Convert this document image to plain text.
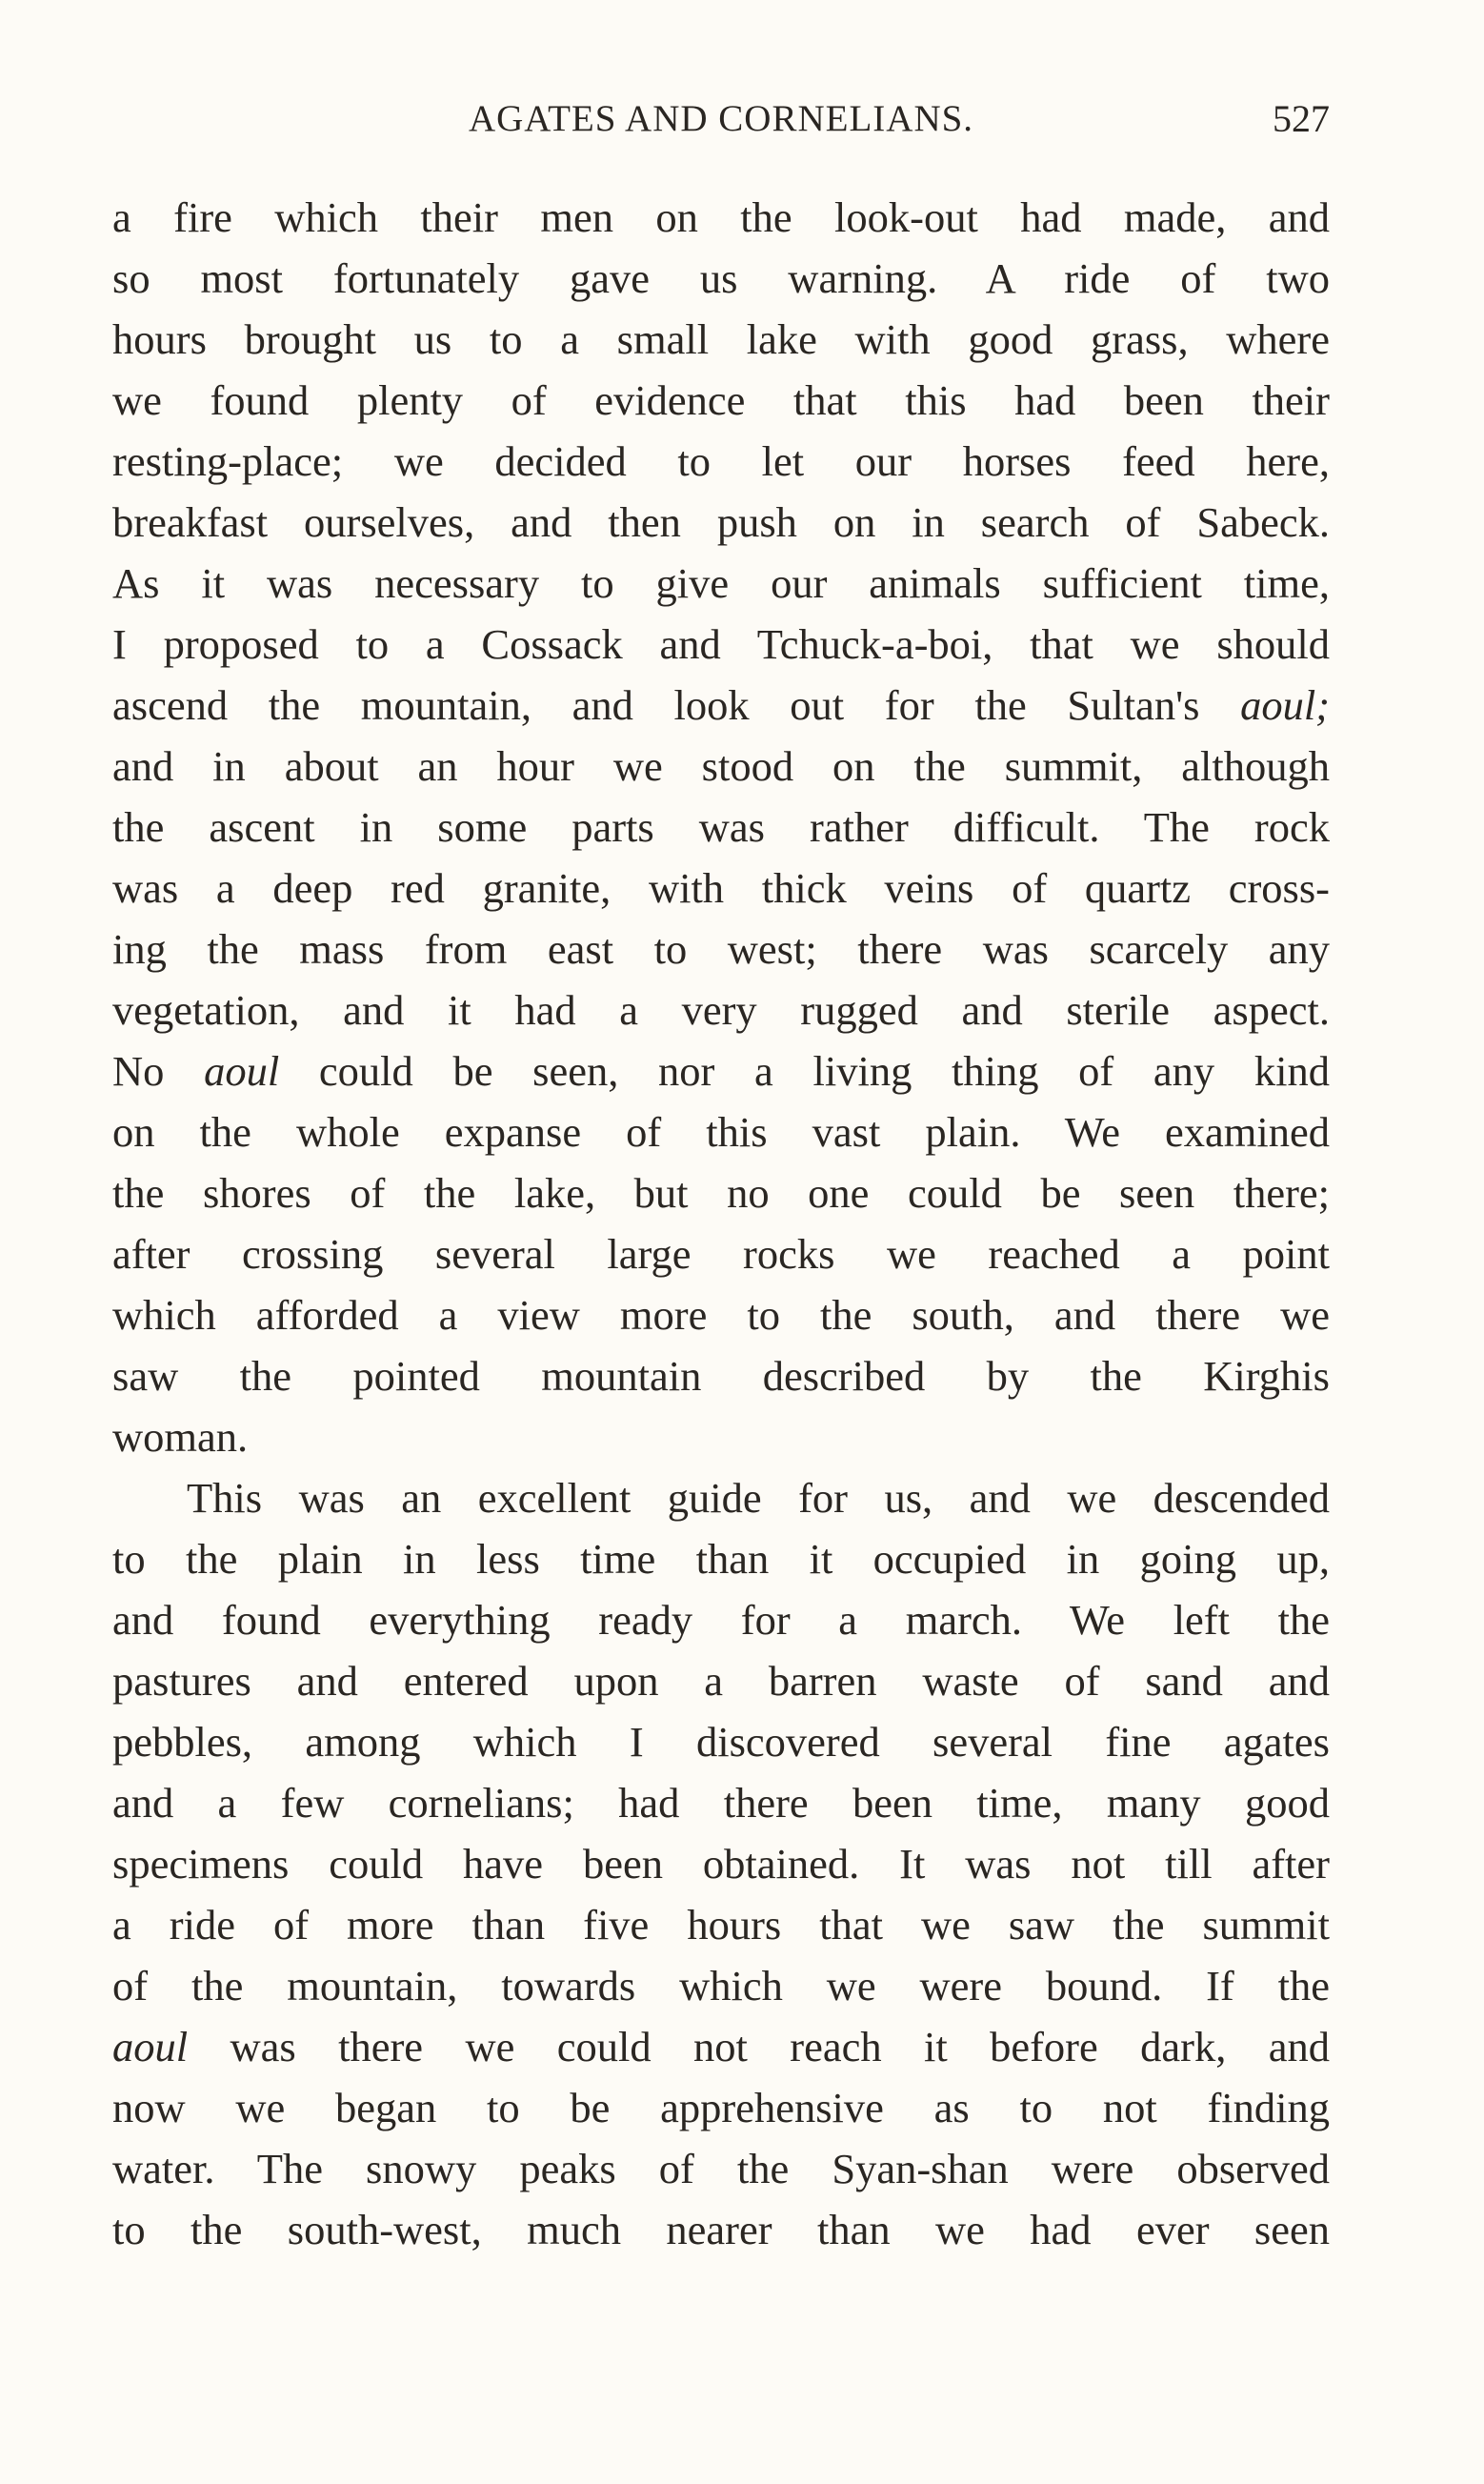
AGATES AND CORNELIANS.	527
a fire which their men on the look-out had made, and
so most fortunately gave us warning. A ride of two
hours brought us to a small lake with good grass, where
we found plenty of evidence that this had been their
resting-place; we decided to let our horses feed here,
breakfast ourselves, and then push on in search of Sabeck.
As it was necessary to give our animals sufficient time,
I proposed to a Cossack and Tchuck-a-boi, that we should
ascend the mountain, and look out for the Sultan's aoul;
and in about an hour we stood on the summit, although
the ascent in some parts was rather difficult. The rock
was a deep red granite, with thick veins of quartz cross-
ing the mass from east to west; there was scarcely any
vegetation, and it had a very rugged and sterile aspect.
No aoul could be seen, nor a living thing of any kind
on the whole expanse of this vast plain. We examined
the shores of the lake, but no one could be seen there;
after crossing several large rocks we reached a point
which afforded a view more to the south, and there we
saw the pointed mountain described by the Kirghis
woman.
This was an excellent guide for us, and we descended
to the plain in less time than it occupied in going up,
and found everything ready for a march. We left the
pastures and entered upon a barren waste of sand and
pebbles, among which I discovered several fine agates
and a few cornelians; had there been time, many good
specimens could have been obtained. It was not till after
a ride of more than five hours that we saw the summit
of the mountain, towards which we were bound. If the
aoul was there we could not reach it before dark, and
now we began to be apprehensive as to not finding
water. The snowy peaks of the Syan-shan were observed
to the south-west, much nearer than we had ever seen
